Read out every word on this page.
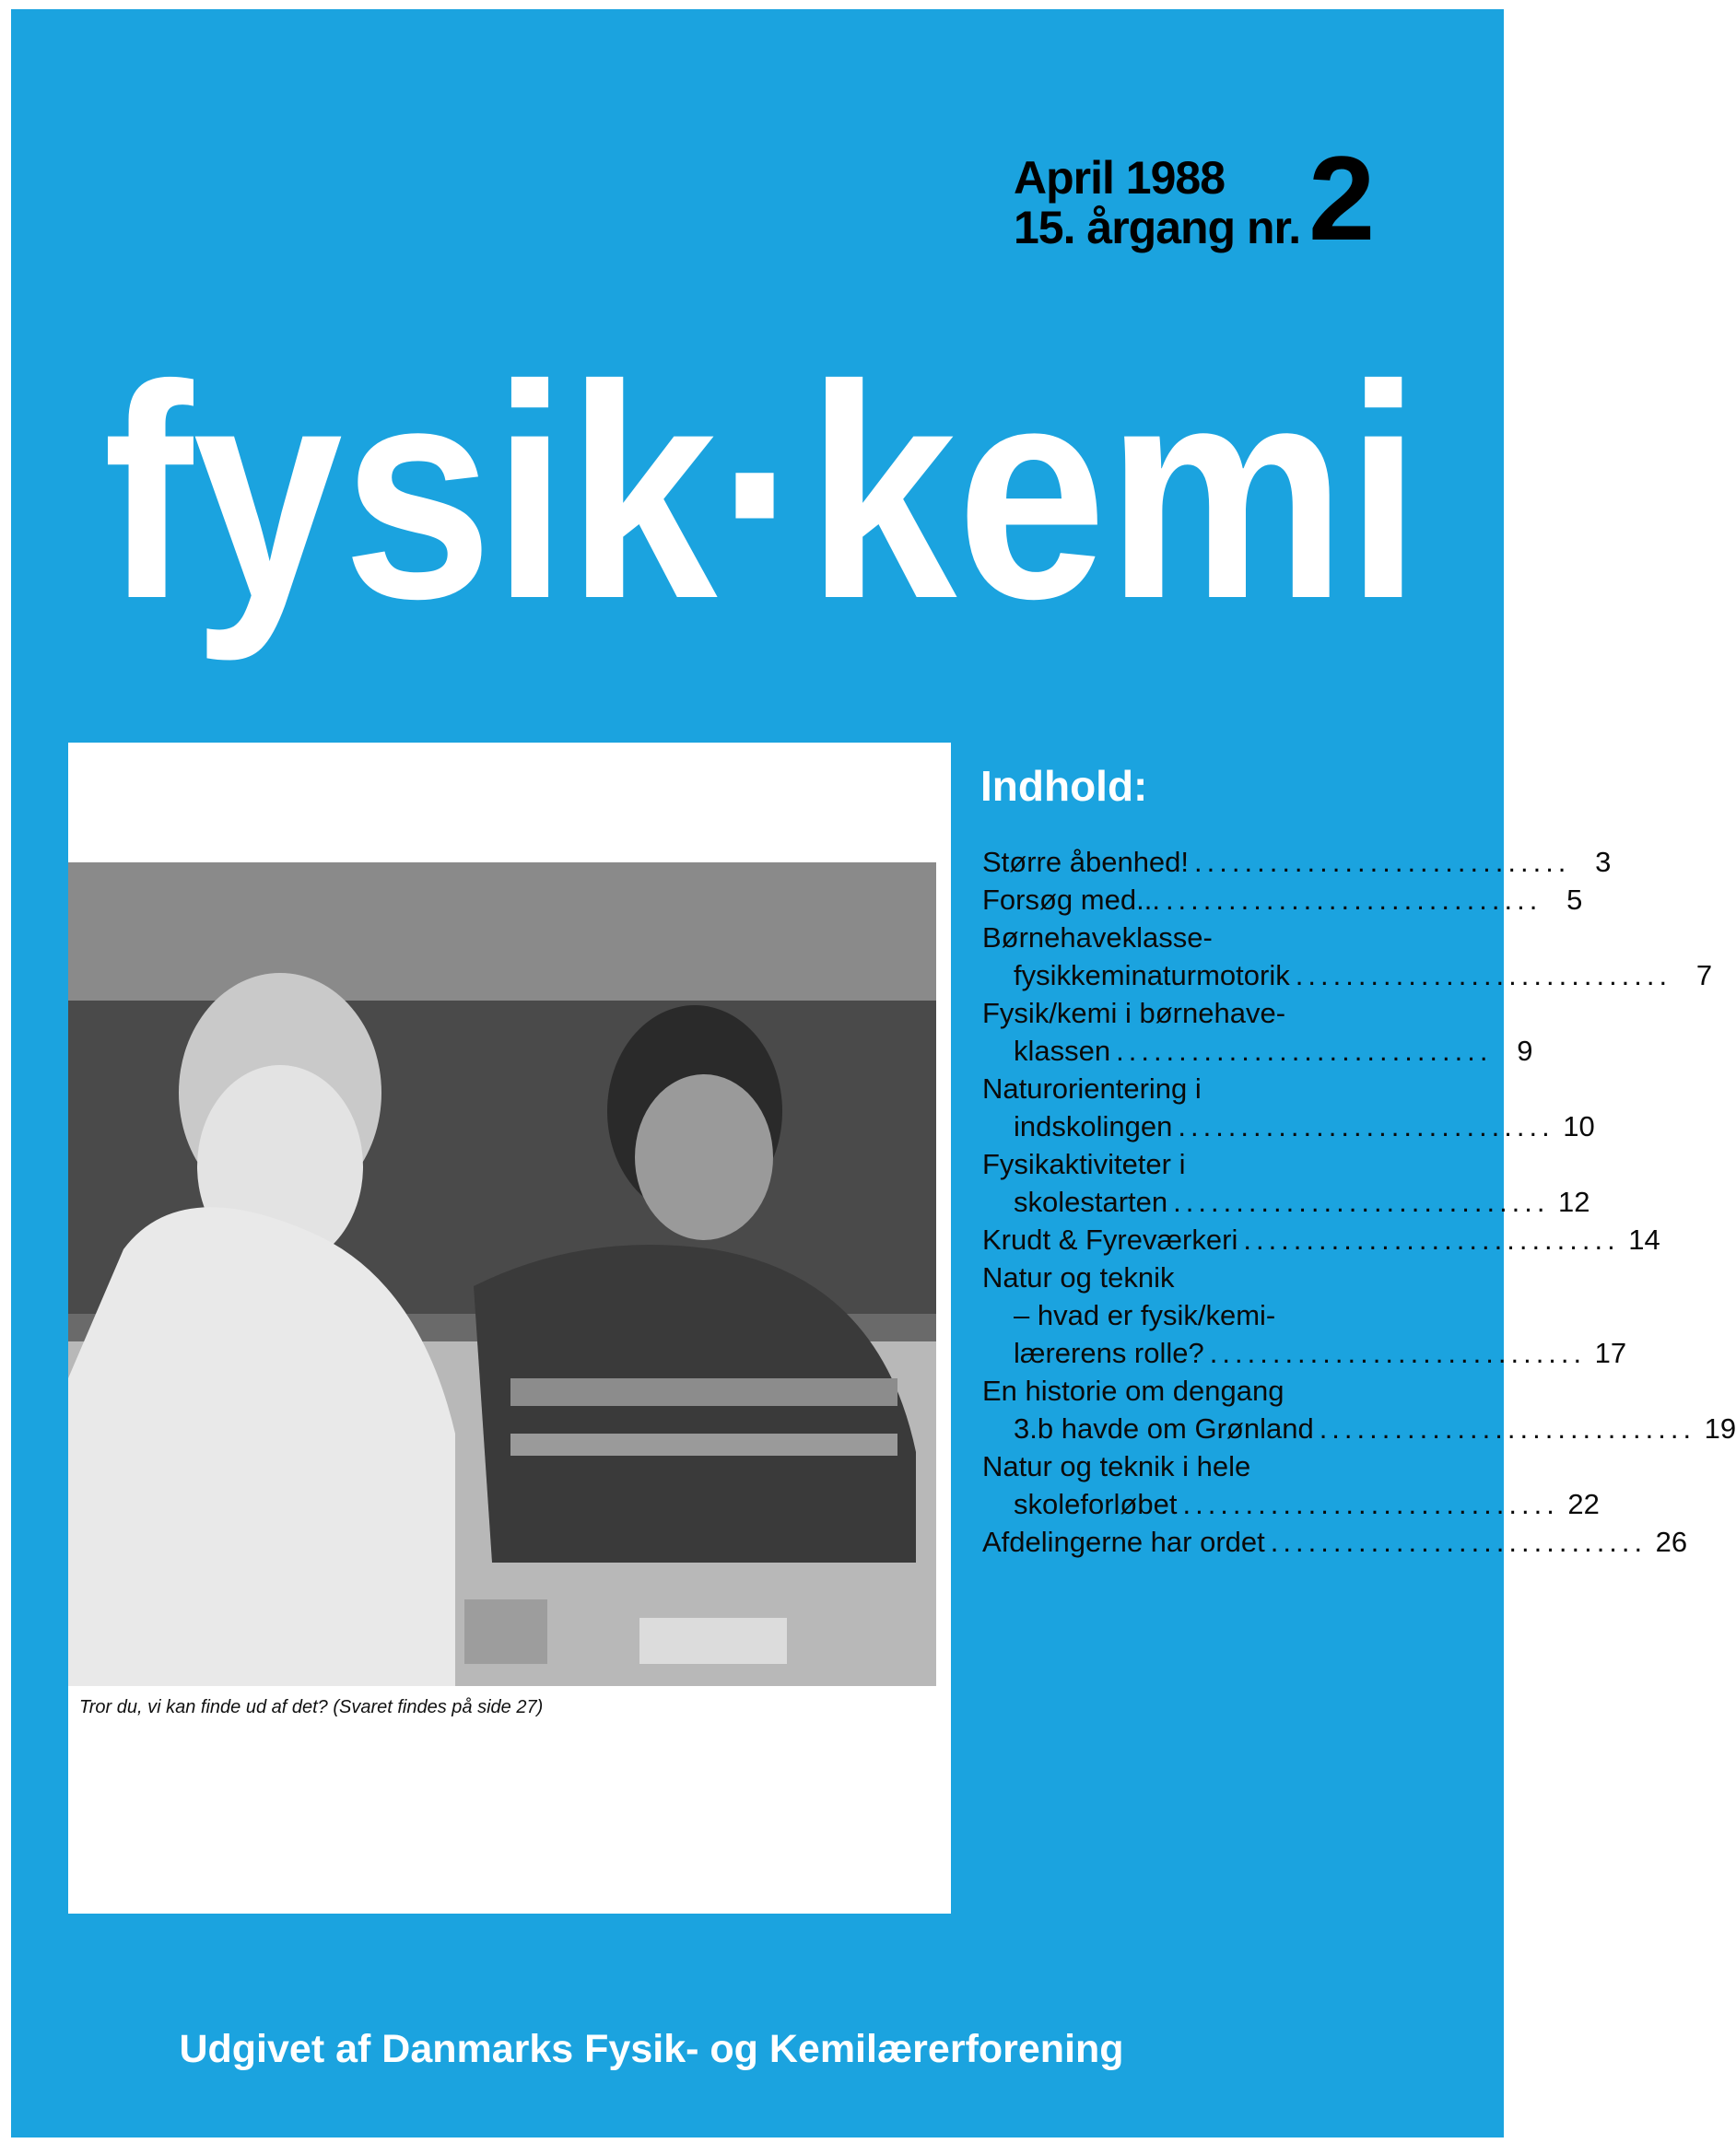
April 1988
15. årgang nr. 2
fysik·kemi
Tror du, vi kan finde ud af det? (Svaret findes på side 27)
Indhold:
Større åbenhed! .............................. 3
Forsøg med... .............................. 5
Børnehaveklasse-
fysikkeminaturmotorik .............................. 7
Fysik/kemi i børnehave-
klassen .............................. 9
Naturorientering i
indskolingen .............................. 10
Fysikaktiviteter i
skolestarten .............................. 12
Krudt & Fyreværkeri .............................. 14
Natur og teknik
– hvad er fysik/kemi-
lærerens rolle? .............................. 17
En historie om dengang
3.b havde om Grønland .............................. 19
Natur og teknik i hele
skoleforløbet .............................. 22
Afdelingerne har ordet .............................. 26
Udgivet af Danmarks Fysik- og Kemilærerforening
